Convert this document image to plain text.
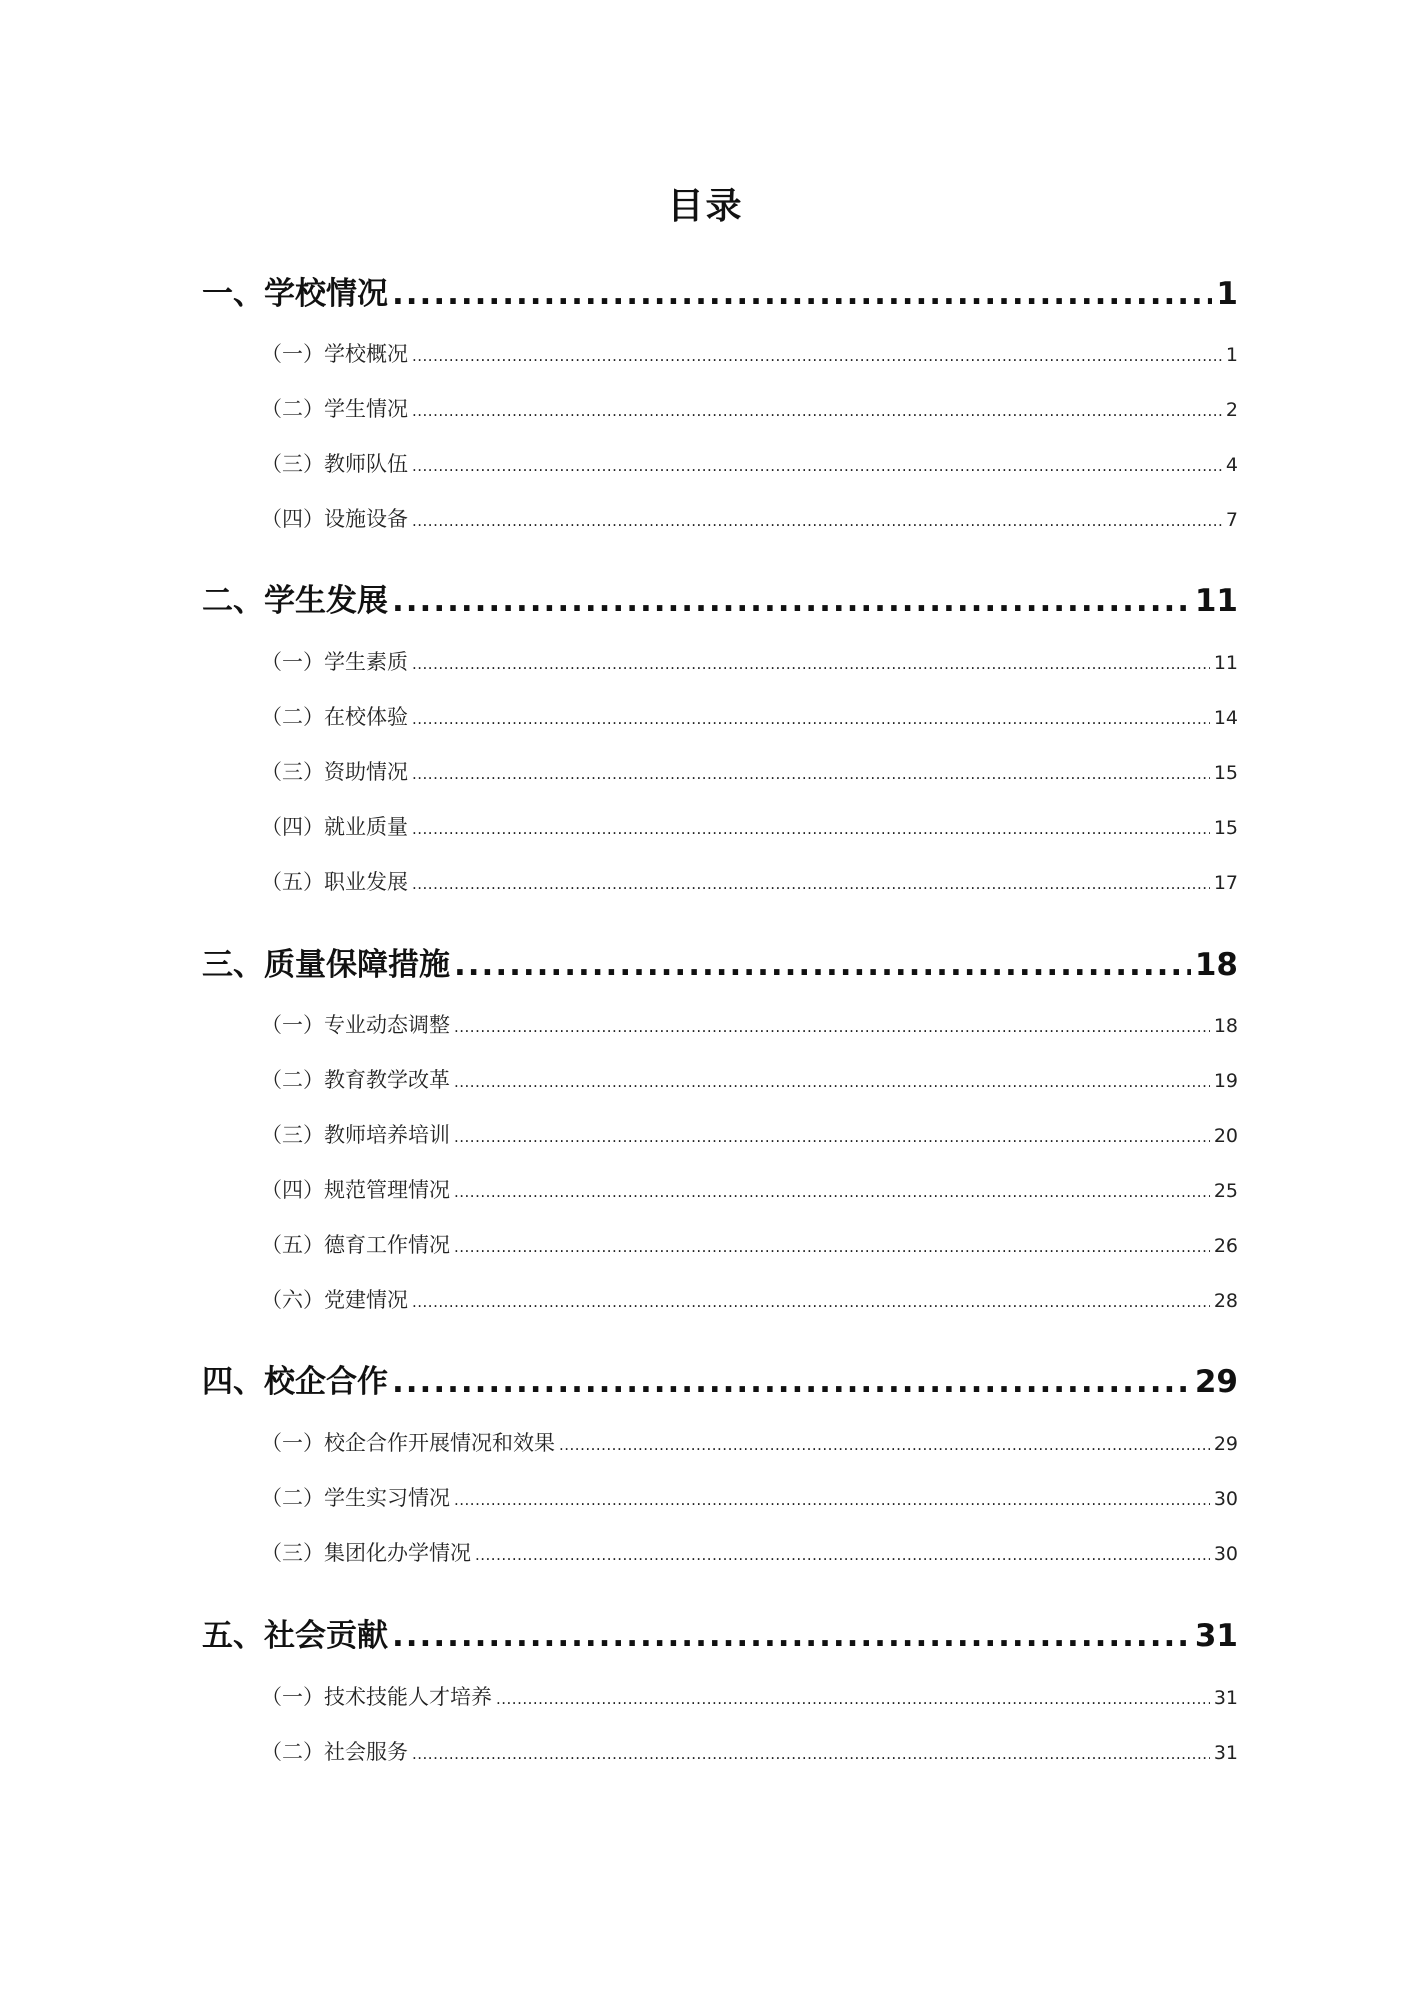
目录
一、学校情况 .....	1
（一）学校概况 .....	1
（二）学生情况 .....	2
（三）教师队伍 .....	4
（四）设施设备 .....	7
二、学生发展 .....	11
（一）学生素质 .....	11
（二）在校体验 .....	14
（三）资助情况 .....	15
（四）就业质量 .....	15
（五）职业发展 .....	17
三、质量保障措施 .....	18
（一）专业动态调整 .....	18
（二）教育教学改革 .....	19
（三）教师培养培训 .....	20
（四）规范管理情况 .....	25
（五）德育工作情况 .....	26
（六）党建情况 .....	28
四、校企合作 .....	29
（一）校企合作开展情况和效果 .....	29
（二）学生实习情况 .....	30
（三）集团化办学情况 .....	30
五、社会贡献 .....	31
（一）技术技能人才培养 .....	31
（二）社会服务 .....	31
